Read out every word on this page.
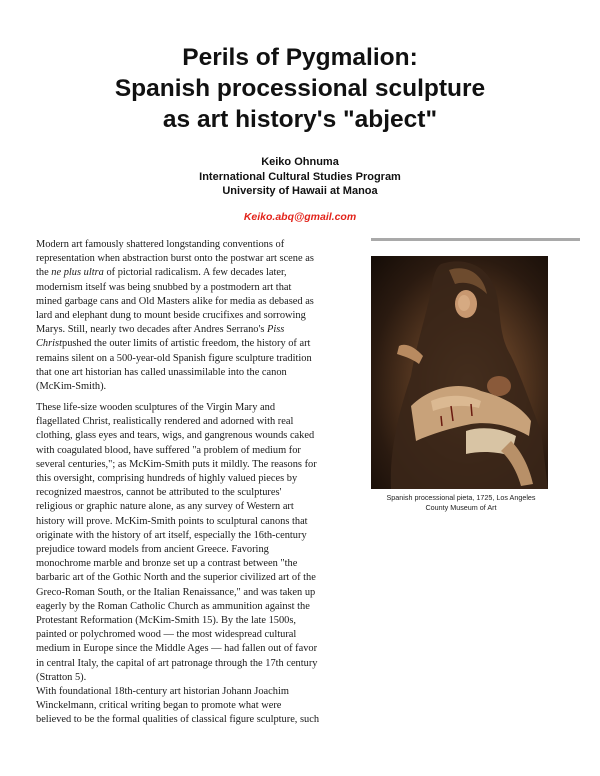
Perils of Pygmalion:
Spanish processional sculpture
as art history's "abject"
Keiko Ohnuma
International Cultural Studies Program
University of Hawaii at Manoa
Keiko.abq@gmail.com
Spanish processional pieta, 1725, Los Angeles
County Museum of Art
Modern art famously shattered longstanding conventions of
representation when abstraction burst onto the postwar art scene as
the ne plus ultra of pictorial radicalism. A few decades later,
modernism itself was being snubbed by a postmodern art that
mined garbage cans and Old Masters alike for media as debased as
lard and elephant dung to mount beside crucifixes and sorrowing
Marys. Still, nearly two decades after Andres Serrano's Piss
Christpushed the outer limits of artistic freedom, the history of art
remains silent on a 500-year-old Spanish figure sculpture tradition
that one art historian has called unassimilable into the canon
(McKim-Smith).
These life-size wooden sculptures of the Virgin Mary and
flagellated Christ, realistically rendered and adorned with real
clothing, glass eyes and tears, wigs, and gangrenous wounds caked
with coagulated blood, have suffered "a problem of medium for
several centuries,"; as McKim-Smith puts it mildly. The reasons for
this oversight, comprising hundreds of highly valued pieces by
recognized maestros, cannot be attributed to the sculptures'
religious or graphic nature alone, as any survey of Western art
history will prove. McKim-Smith points to sculptural canons that
originate with the history of art itself, especially the 16th-century
prejudice toward models from ancient Greece. Favoring
monochrome marble and bronze set up a contrast between "the
barbaric art of the Gothic North and the superior civilized art of the
Greco-Roman South, or the Italian Renaissance," and was taken up
eagerly by the Roman Catholic Church as ammunition against the
Protestant Reformation (McKim-Smith 15). By the late 1500s,
painted or polychromed wood — the most widespread cultural
medium in Europe since the Middle Ages — had fallen out of favor
in central Italy, the capital of art patronage through the 17th century
(Stratton 5).
With foundational 18th-century art historian Johann Joachim
Winckelmann, critical writing began to promote what were
believed to be the formal qualities of classical figure sculpture, such
